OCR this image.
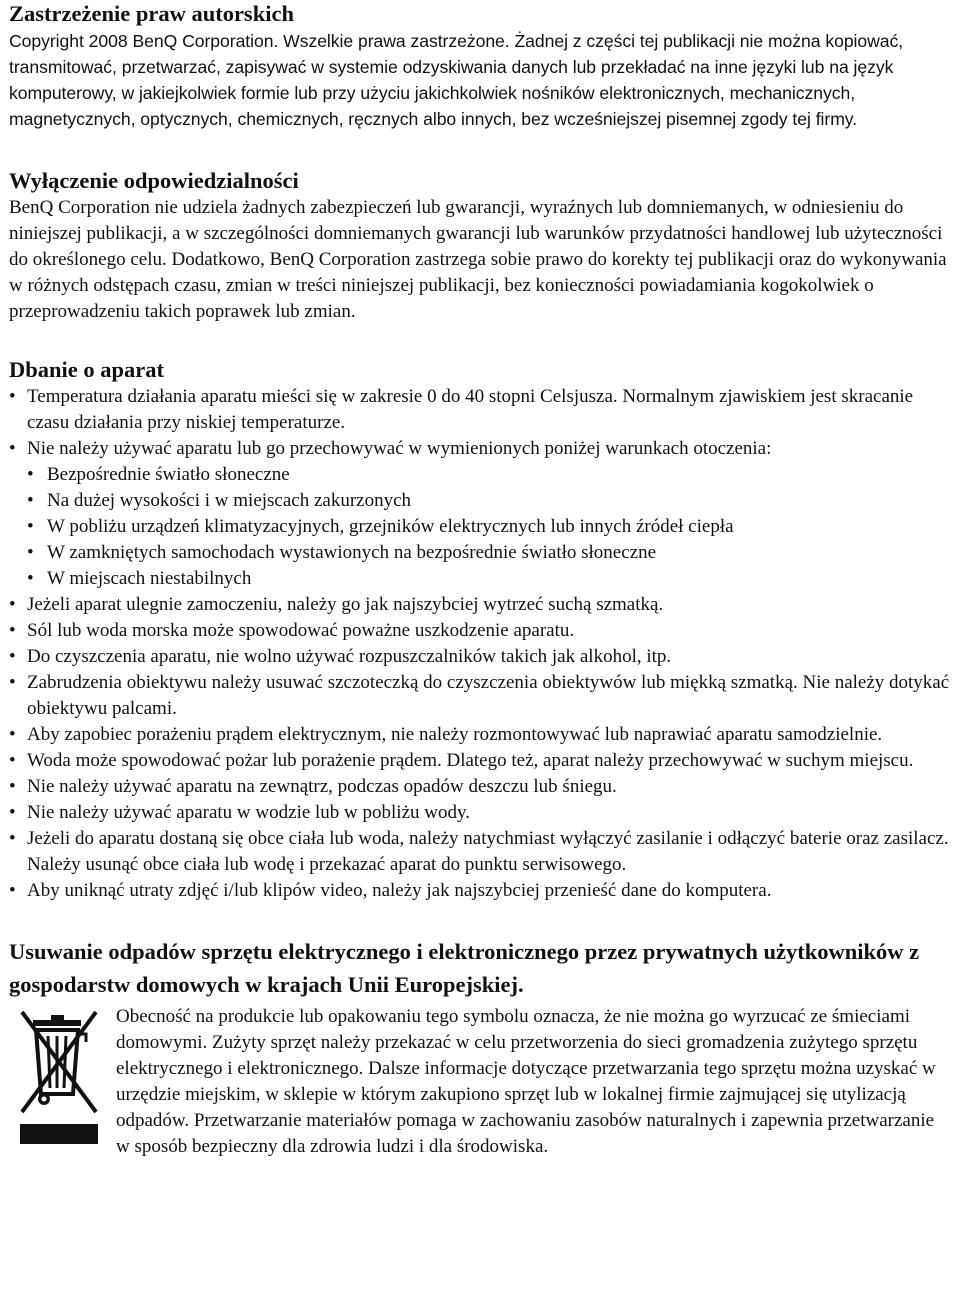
Zastrzeżenie praw autorskich

Copyright 2008 BenQ Corporation. Wszelkie prawa zastrzeżone. Żadnej z części tej publikacji nie można kopiować, transmitować, przetwarzać, zapisywać w systemie odzyskiwania danych lub przekładać na inne języki lub na język komputerowy, w jakiejkolwiek formie lub przy użyciu jakichkolwiek nośników elektronicznych, mechanicznych, magnetycznych, optycznych, chemicznych, ręcznych albo innych, bez wcześniejszej pisemnej zgody tej firmy.

Wyłączenie odpowiedzialności

BenQ Corporation nie udziela żadnych zabezpieczeń lub gwarancji, wyraźnych lub domniemanych, w odniesieniu do niniejszej publikacji, a w szczególności domniemanych gwarancji lub warunków przydatności handlowej lub użyteczności do określonego celu. Dodatkowo, BenQ Corporation zastrzega sobie prawo do korekty tej publikacji oraz do wykonywania w różnych odstępach czasu, zmian w treści niniejszej publikacji, bez konieczności powiadamiania kogokolwiek o przeprowadzeniu takich poprawek lub zmian.

Dbanie o aparat
• Temperatura działania aparatu mieści się w zakresie 0 do 40 stopni Celsjusza. Normalnym zjawiskiem jest skracanie czasu działania przy niskiej temperaturze.
• Nie należy używać aparatu lub go przechowywać w wymienionych poniżej warunkach otoczenia:
• Bezpośrednie światło słoneczne
• Na dużej wysokości i w miejscach zakurzonych
• W pobliżu urządzeń klimatyzacyjnych, grzejników elektrycznych lub innych źródeł ciepła
• W zamkniętych samochodach wystawionych na bezpośrednie światło słoneczne
• W miejscach niestabilnych
• Jeżeli aparat ulegnie zamoczeniu, należy go jak najszybciej wytrzeć suchą szmatką.
• Sól lub woda morska może spowodować poważne uszkodzenie aparatu.
• Do czyszczenia aparatu, nie wolno używać rozpuszczalników takich jak alkohol, itp.
• Zabrudzenia obiektywu należy usuwać szczoteczką do czyszczenia obiektywów lub miękką szmatką. Nie należy dotykać obiektywu palcami.
• Aby zapobiec porażeniu prądem elektrycznym, nie należy rozmontowywać lub naprawiać aparatu samodzielnie.
• Woda może spowodować pożar lub porażenie prądem. Dlatego też, aparat należy przechowywać w suchym miejscu.
• Nie należy używać aparatu na zewnątrz, podczas opadów deszczu lub śniegu.
• Nie należy używać aparatu w wodzie lub w pobliżu wody.
• Jeżeli do aparatu dostaną się obce ciała lub woda, należy natychmiast wyłączyć zasilanie i odłączyć baterie oraz zasilacz. Należy usunąć obce ciała lub wodę i przekazać aparat do punktu serwisowego.
• Aby uniknąć utraty zdjęć i/lub klipów video, należy jak najszybciej przenieść dane do komputera.
Usuwanie odpadów sprzętu elektrycznego i elektronicznego przez prywatnych użytkowników z gospodarstw domowych w krajach Unii Europejskiej.

Obecność na produkcie lub opakowaniu tego symbolu oznacza, że nie można go wyrzucać ze śmieciami domowymi. Zużyty sprzęt należy przekazać w celu przetworzenia do sieci gromadzenia zużytego sprzętu elektrycznego i elektronicznego. Dalsze informacje dotyczące przetwarzania tego sprzętu można uzyskać w urzędzie miejskim, w sklepie w którym zakupiono sprzęt lub w lokalnej firmie zajmującej się utylizacją odpadów. Przetwarzanie materiałów pomaga w zachowaniu zasobów naturalnych i zapewnia przetwarzanie w sposób bezpieczny dla zdrowia ludzi i dla środowiska.
